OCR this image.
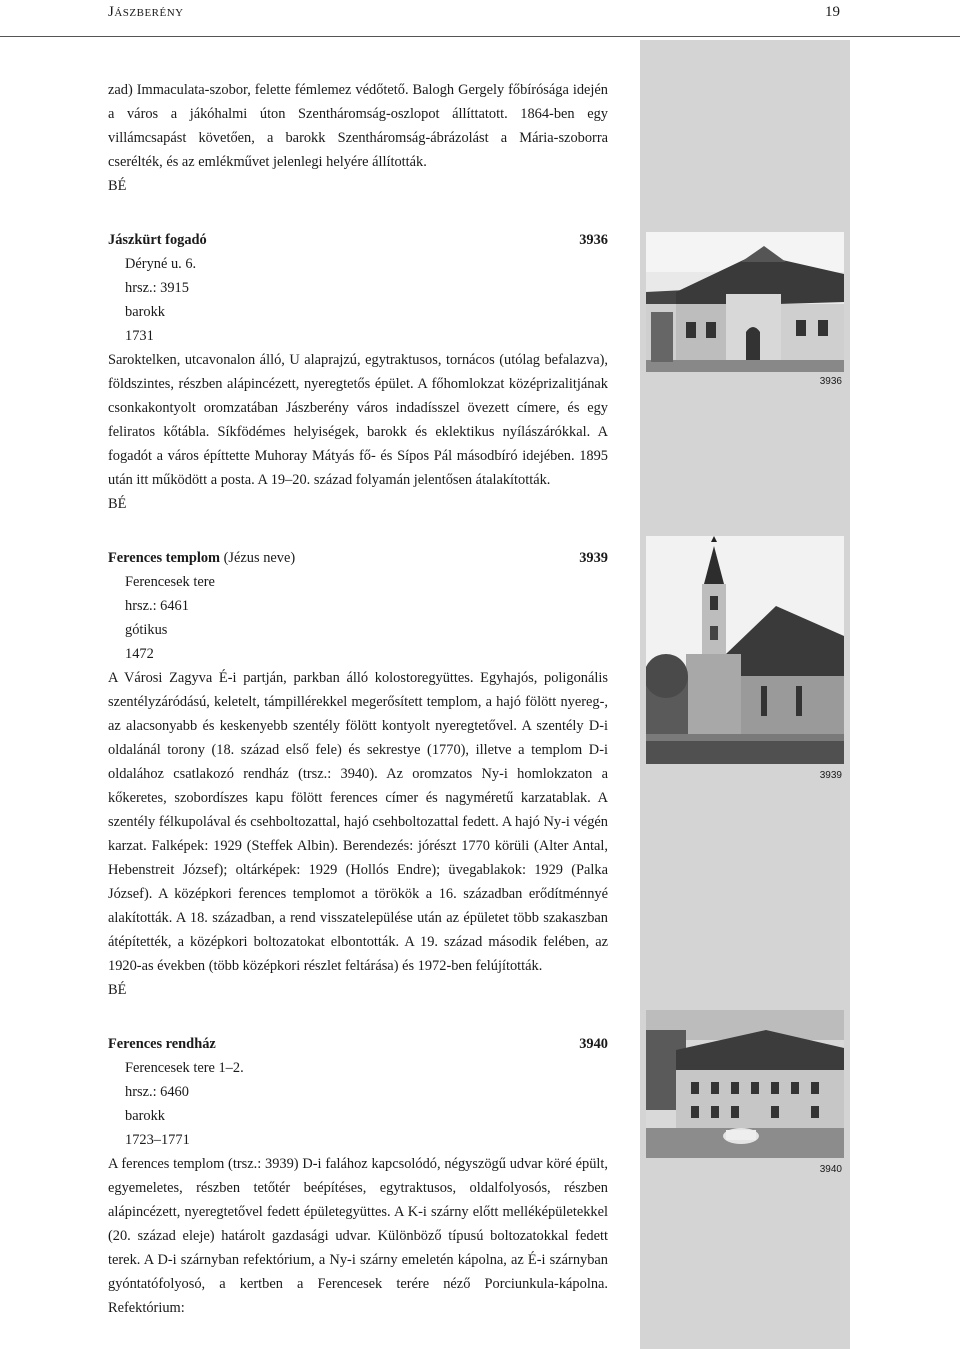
Jászberény	19
3936
3939
3940

zad) Immaculata-szobor, felette fémlemez védőtető. Balogh Gergely főbírósága idején a város a jákóhalmi úton Szentháromság-oszlopot állíttatott. 1864-ben egy villámcsapást követően, a barokk Szentháromság-ábrázolást a Mária-szoborra cserélték, és az emlékművet jelenlegi helyére állították.

BÉ

Jászkürt fogadó	3936

Déryné u. 6.
hrsz.: 3915
barokk
1731

Saroktelken, utcavonalon álló, U alaprajzú, egytraktusos, tornácos (utólag befalazva), földszintes, részben alápincézett, nyeregtetős épület. A főhomlokzat középrizalitjának csonkakontyolt oromzatában Jászberény város indadísszel övezett címere, és egy feliratos kőtábla. Síkfödémes helyiségek, barokk és eklektikus nyílászárókkal. A fogadót a város építtette Muhoray Mátyás fő- és Sípos Pál másodbíró idejében. 1895 után itt működött a posta. A 19–20. század folyamán jelentősen átalakították.

BÉ

Ferences templom (Jézus neve)	3939

Ferencesek tere
hrsz.: 6461
gótikus
1472

A Városi Zagyva É-i partján, parkban álló kolostoregyüttes. Egyhajós, poligonális szentélyzáródású, keletelt, támpillérekkel megerősített templom, a hajó fölött nyereg-, az alacsonyabb és keskenyebb szentély fölött kontyolt nyeregtetővel. A szentély D-i oldalánál torony (18. század első fele) és sekrestye (1770), illetve a templom D-i oldalához csatlakozó rendház (trsz.: 3940). Az oromzatos Ny-i homlokzaton a kőkeretes, szobordíszes kapu fölött ferences címer és nagyméretű karzatablak. A szentély félkupolával és csehboltozattal, hajó csehboltozattal fedett. A hajó Ny-i végén karzat. Falképek: 1929 (Steffek Albin). Berendezés: jórészt 1770 körüli (Alter Antal, Hebenstreit József); oltárképek: 1929 (Hollós Endre); üvegablakok: 1929 (Palka József). A középkori ferences templomot a törökök a 16. században erődítménnyé alakították. A 18. században, a rend visszatelepülése után az épületet több szakaszban átépítették, a középkori boltozatokat elbontották. A 19. század második felében, az 1920-as években (több középkori részlet feltárása) és 1972-ben felújították.

BÉ

Ferences rendház	3940

Ferencesek tere 1–2.
hrsz.: 6460
barokk
1723–1771

A ferences templom (trsz.: 3939) D-i falához kapcsolódó, négyszögű udvar köré épült, egyemeletes, részben tetőtér beépítéses, egytraktusos, oldalfolyosós, részben alápincézett, nyeregtetővel fedett épületegyüttes. A K-i szárny előtt melléképületekkel (20. század eleje) határolt gazdasági udvar. Különböző típusú boltozatokkal fedett terek. A D-i szárnyban refektórium, a Ny-i szárny emeletén kápolna, az É-i szárnyban gyóntatófolyosó, a kertben a Ferencesek terére néző Porciunkula-kápolna. Refektórium:
